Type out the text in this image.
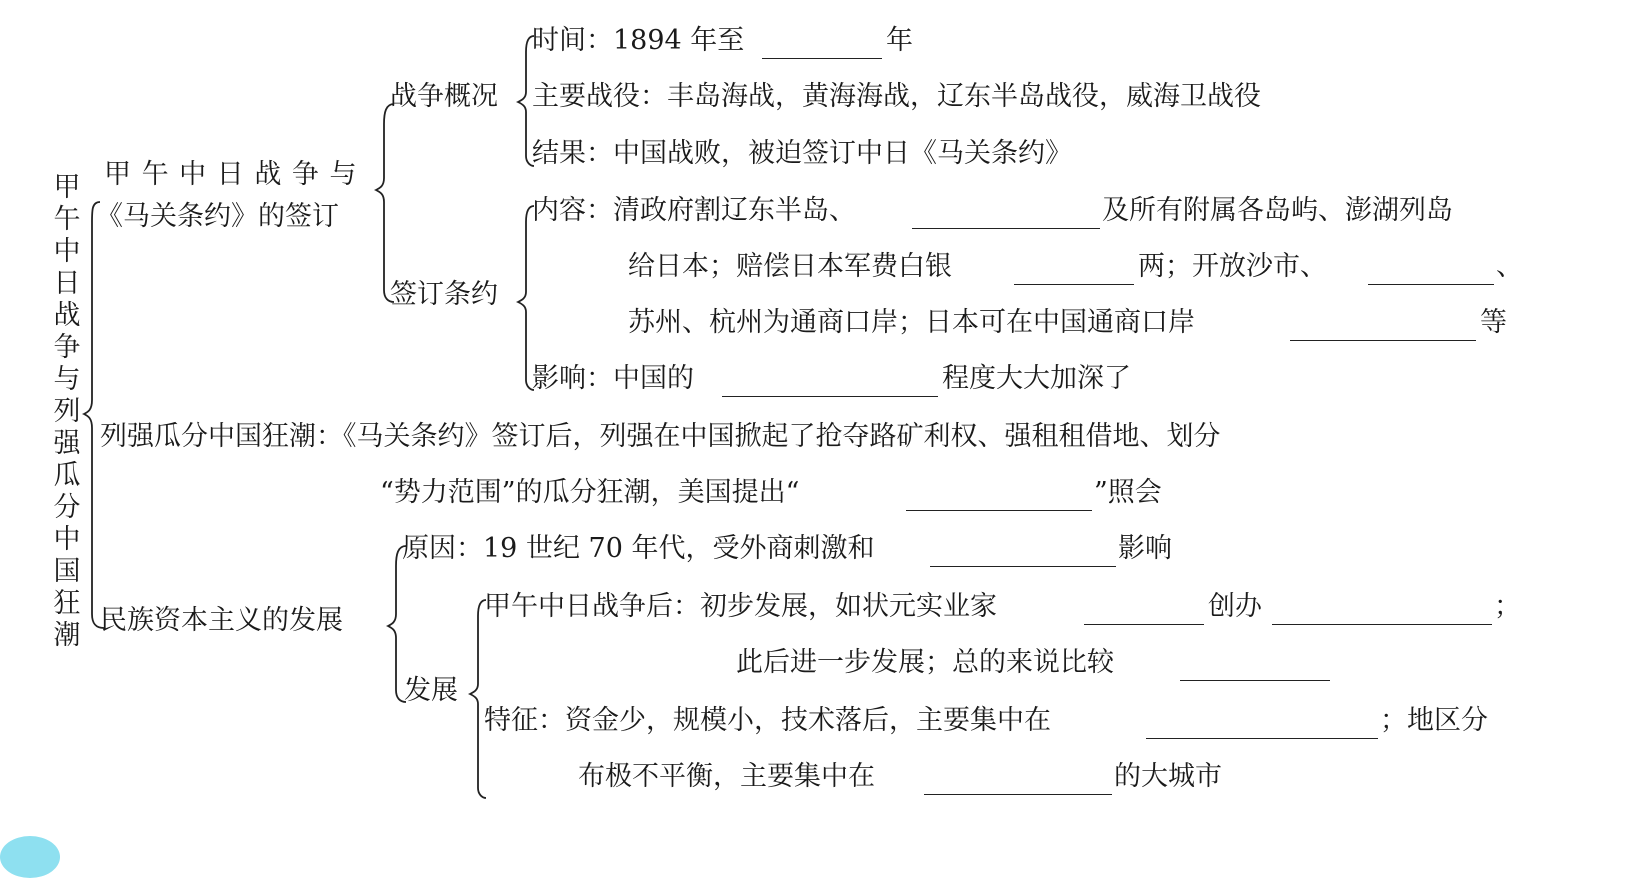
甲午中日战争与列强瓜分中国狂潮
甲 午 中 日 战 争 与
《马关条约》的签订
战争概况
时间：1894 年至	年
主要战役：丰岛海战，黄海海战，辽东半岛战役，威海卫战役
结果：中国战败，被迫签订中日《马关条约》
签订条约
内容：清政府割辽东半岛、	及所有附属各岛屿、澎湖列岛
给日本；赔偿日本军费白银	两；开放沙市、	、
苏州、杭州为通商口岸；日本可在中国通商口岸	等
影响：中国的	程度大大加深了
列强瓜分中国狂潮：《马关条约》签订后，列强在中国掀起了抢夺路矿利权、强租租借地、划分
“势力范围”的瓜分狂潮，美国提出“	”照会
民族资本主义的发展
原因：19 世纪 70 年代，受外商刺激和	影响
发展
甲午中日战争后：初步发展，如状元实业家	创办	；
此后进一步发展；总的来说比较
特征：资金少，规模小，技术落后，主要集中在	；地区分
布极不平衡，主要集中在	的大城市
